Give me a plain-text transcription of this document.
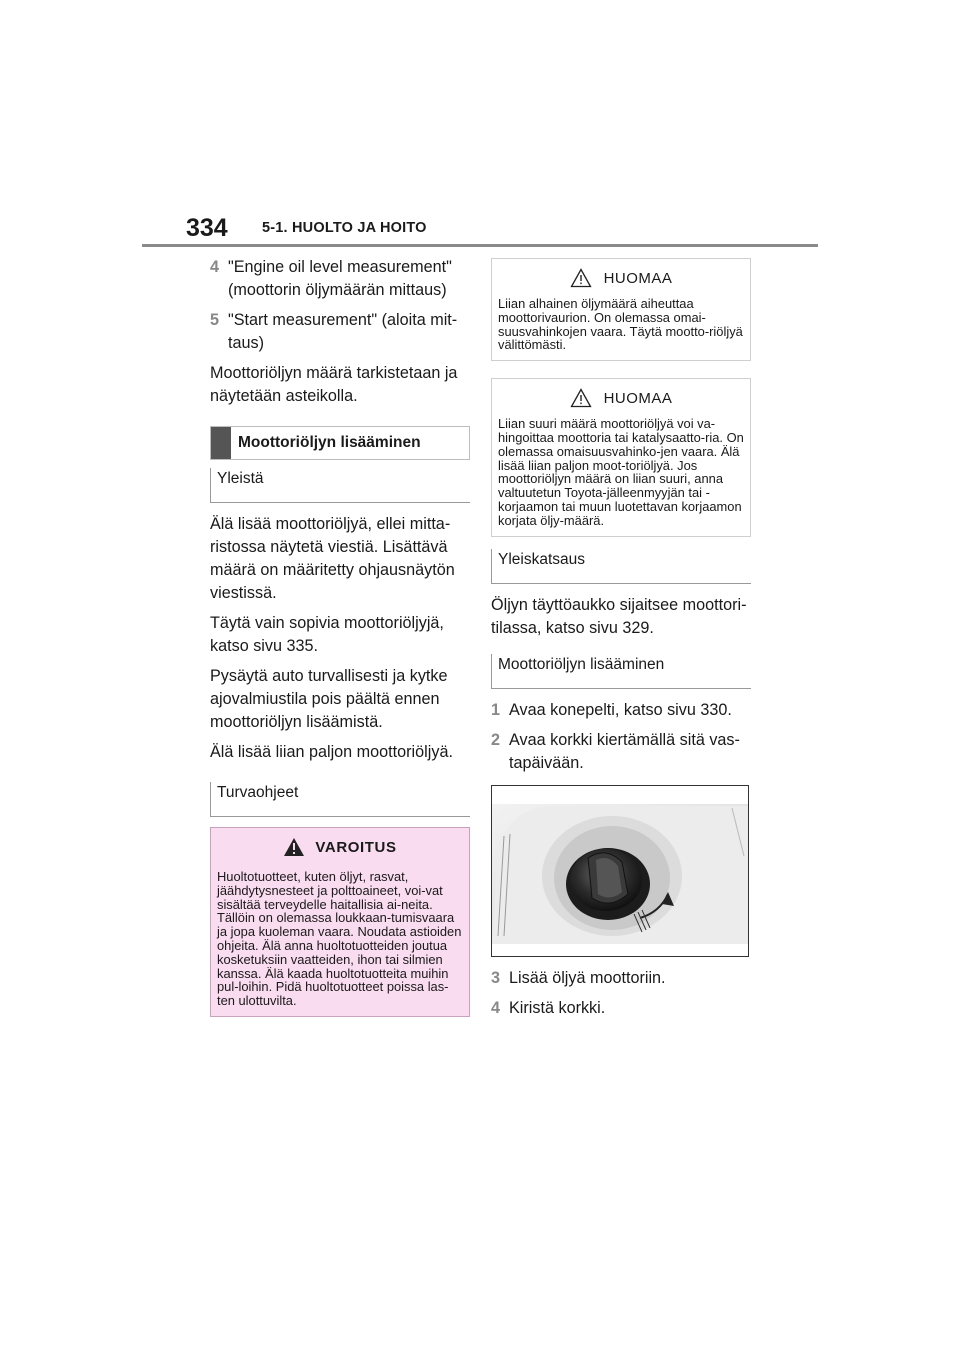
334 5-1. HUOLTO JA HOITO
4 "Engine oil level measurement" (moottorin öljymäärän mittaus)
5 "Start measurement" (aloita mit-taus)

Moottoriöljyn määrä tarkistetaan ja näytetään asteikolla.

Moottoriöljyn lisääminen
Yleistä

Älä lisää moottoriöljyä, ellei mitta-ristossa näytetä viestiä. Lisättävä määrä on määritetty ohjausnäytön viestissä.

Täytä vain sopivia moottoriöljyjä, katso sivu 335.

Pysäytä auto turvallisesti ja kytke ajovalmiustila pois päältä ennen moottoriöljyn lisäämistä.

Älä lisää liian paljon moottoriöljyä.

Turvaohjeet
VAROITUS
Huoltotuotteet, kuten öljyt, rasvat, jäähdytysnesteet ja polttoaineet, voi-vat sisältää terveydelle haitallisia ai-neita. Tällöin on olemassa loukkaan-tumisvaara ja jopa kuoleman vaara. Noudata astioiden ohjeita. Älä anna huoltotuotteiden joutua kosketuksiin vaatteiden, ihon tai silmien kanssa. Älä kaada huoltotuotteita muihin pul-loihin. Pidä huoltotuotteet poissa las-ten ulottuvilta.
HUOMAA
Liian alhainen öljymäärä aiheuttaa moottorivaurion. On olemassa omai-suusvahinkojen vaara. Täytä mootto-riöljyä välittömästi.
HUOMAA
Liian suuri määrä moottoriöljyä voi va-hingoittaa moottoria tai katalysaatto-ria. On olemassa omaisuusvahinko-jen vaara. Älä lisää liian paljon moot-toriöljyä. Jos moottoriöljyn määrä on liian suuri, anna valtuutetun Toyota-jälleenmyyjän tai -korjaamon tai muun luotettavan korjaamon korjata öljy-määrä.
Yleiskatsaus

Öljyn täyttöaukko sijaitsee moottori-tilassa, katso sivu 329.

Moottoriöljyn lisääminen
1 Avaa konepelti, katso sivu 330.
2 Avaa korkki kiertämällä sitä vas-tapäivään.
3 Lisää öljyä moottoriin.
4 Kiristä korkki.
